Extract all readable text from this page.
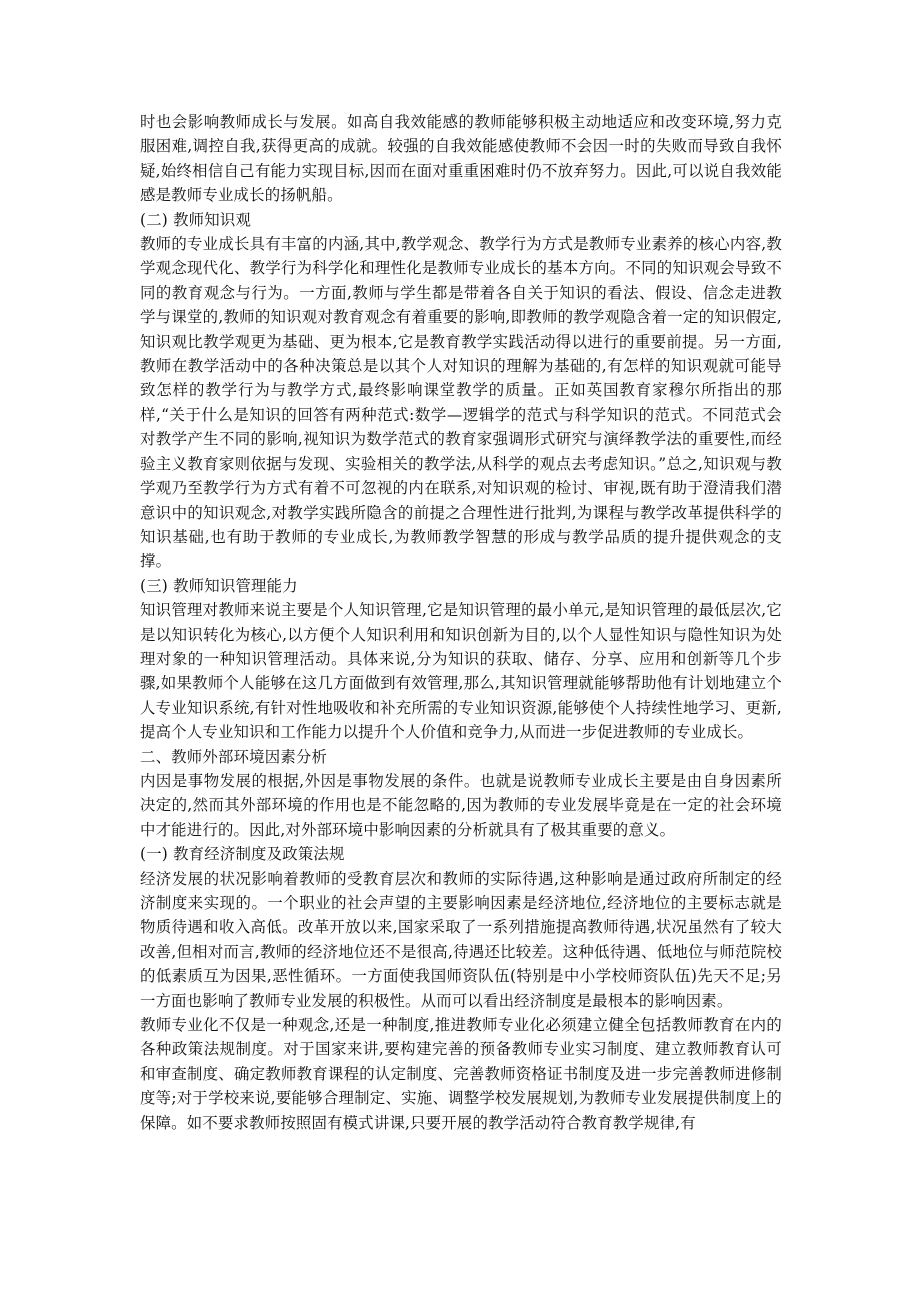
时也会影响教师成长与发展。如高自我效能感的教师能够积极主动地适应和改变环境,努力克服困难,调控自我,获得更高的成就。较强的自我效能感使教师不会因一时的失败而导致自我怀疑,始终相信自己有能力实现目标,因而在面对重重困难时仍不放弃努力。因此,可以说自我效能感是教师专业成长的扬帆船。

(二) 教师知识观

教师的专业成长具有丰富的内涵,其中,教学观念、教学行为方式是教师专业素养的核心内容,教学观念现代化、教学行为科学化和理性化是教师专业成长的基本方向。不同的知识观会导致不同的教育观念与行为。一方面,教师与学生都是带着各自关于知识的看法、假设、信念走进教学与课堂的,教师的知识观对教育观念有着重要的影响,即教师的教学观隐含着一定的知识假定,知识观比教学观更为基础、更为根本,它是教育教学实践活动得以进行的重要前提。另一方面,教师在教学活动中的各种决策总是以其个人对知识的理解为基础的,有怎样的知识观就可能导致怎样的教学行为与教学方式,最终影响课堂教学的质量。正如英国教育家穆尔所指出的那样,“关于什么是知识的回答有两种范式:数学—逻辑学的范式与科学知识的范式。不同范式会对教学产生不同的影响,视知识为数学范式的教育家强调形式研究与演绎教学法的重要性,而经验主义教育家则依据与发现、实验相关的教学法,从科学的观点去考虑知识。”总之,知识观与教学观乃至教学行为方式有着不可忽视的内在联系,对知识观的检讨、审视,既有助于澄清我们潜意识中的知识观念,对教学实践所隐含的前提之合理性进行批判,为课程与教学改革提供科学的知识基础,也有助于教师的专业成长,为教师教学智慧的形成与教学品质的提升提供观念的支撑。

(三) 教师知识管理能力

知识管理对教师来说主要是个人知识管理,它是知识管理的最小单元,是知识管理的最低层次,它是以知识转化为核心,以方便个人知识利用和知识创新为目的,以个人显性知识与隐性知识为处理对象的一种知识管理活动。具体来说,分为知识的获取、储存、分享、应用和创新等几个步骤,如果教师个人能够在这几方面做到有效管理,那么,其知识管理就能够帮助他有计划地建立个人专业知识系统,有针对性地吸收和补充所需的专业知识资源,能够使个人持续性地学习、更新,提高个人专业知识和工作能力以提升个人价值和竞争力,从而进一步促进教师的专业成长。

二、教师外部环境因素分析

内因是事物发展的根据,外因是事物发展的条件。也就是说教师专业成长主要是由自身因素所决定的,然而其外部环境的作用也是不能忽略的,因为教师的专业发展毕竟是在一定的社会环境中才能进行的。因此,对外部环境中影响因素的分析就具有了极其重要的意义。

(一) 教育经济制度及政策法规

经济发展的状况影响着教师的受教育层次和教师的实际待遇,这种影响是通过政府所制定的经济制度来实现的。一个职业的社会声望的主要影响因素是经济地位,经济地位的主要标志就是物质待遇和收入高低。改革开放以来,国家采取了一系列措施提高教师待遇,状况虽然有了较大改善,但相对而言,教师的经济地位还不是很高,待遇还比较差。这种低待遇、低地位与师范院校的低素质互为因果,恶性循环。一方面使我国师资队伍(特别是中小学校师资队伍)先天不足;另一方面也影响了教师专业发展的积极性。从而可以看出经济制度是最根本的影响因素。

教师专业化不仅是一种观念,还是一种制度,推进教师专业化必须建立健全包括教师教育在内的各种政策法规制度。对于国家来讲,要构建完善的预备教师专业实习制度、建立教师教育认可和审查制度、确定教师教育课程的认定制度、完善教师资格证书制度及进一步完善教师进修制度等;对于学校来说,要能够合理制定、实施、调整学校发展规划,为教师专业发展提供制度上的保障。如不要求教师按照固有模式讲课,只要开展的教学活动符合教育教学规律,有
